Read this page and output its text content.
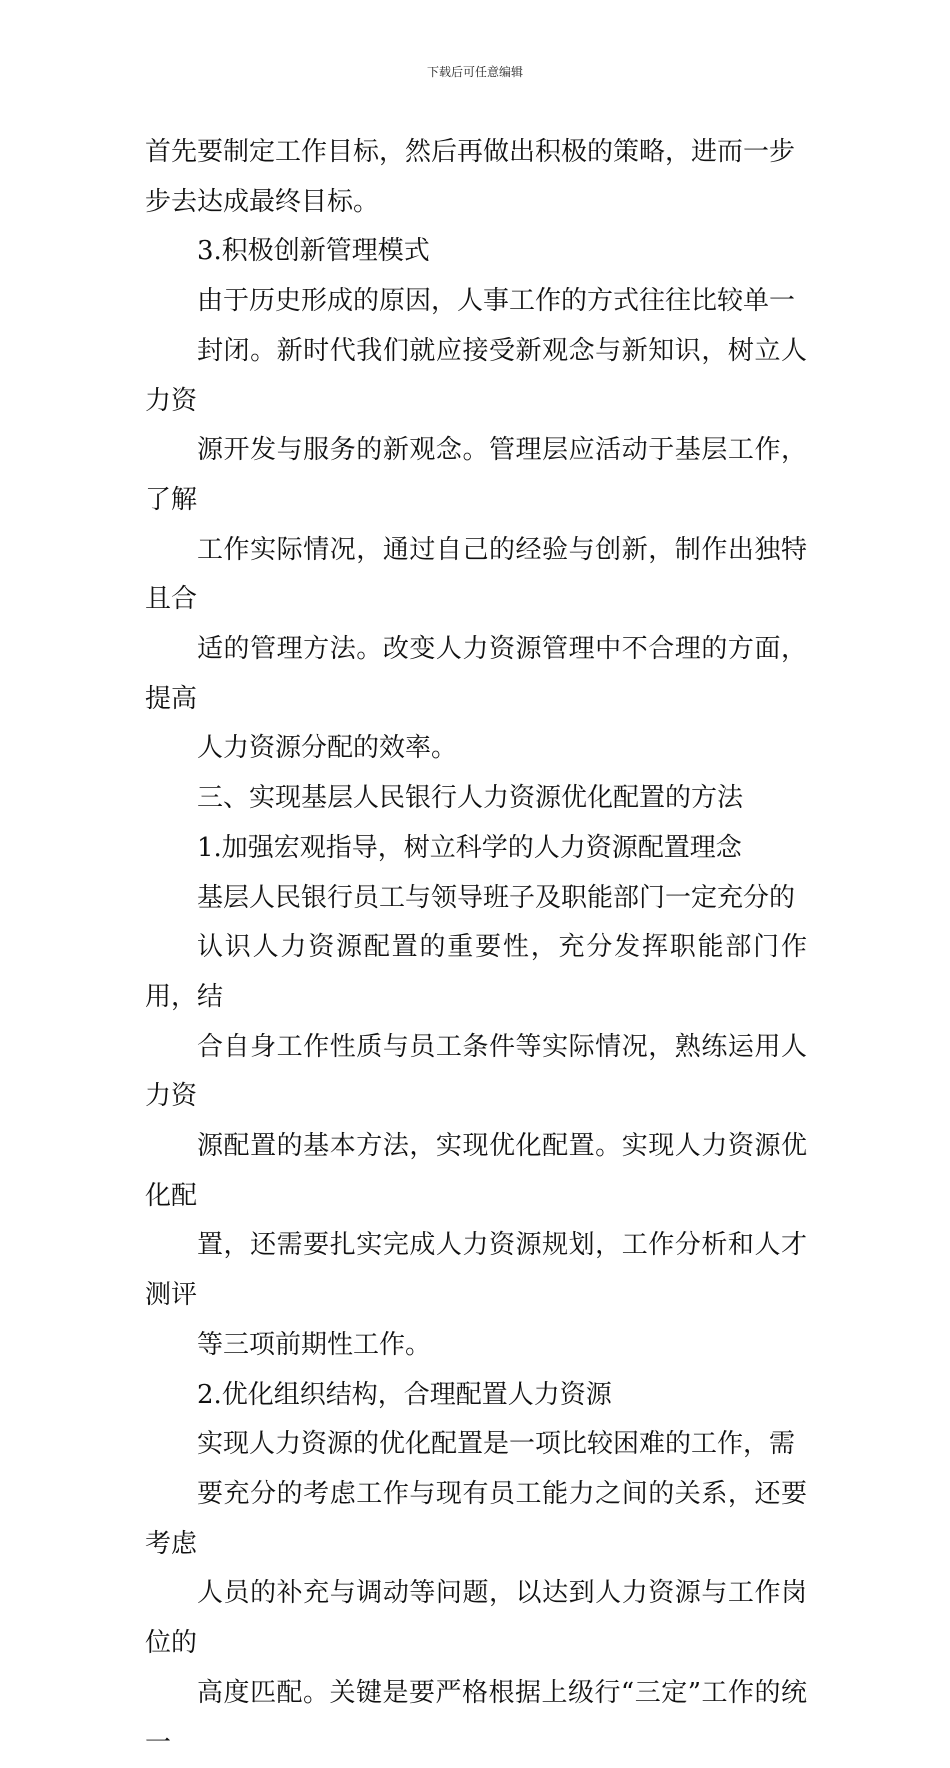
下载后可任意编辑

首先要制定工作目标，然后再做出积极的策略，进而一步
步去达成最终目标。

3.积极创新管理模式

由于历史形成的原因，人事工作的方式往往比较单一
封闭。新时代我们就应接受新观念与新知识，树立人力资
源开发与服务的新观念。管理层应活动于基层工作，了解
工作实际情况，通过自己的经验与创新，制作出独特且合
适的管理方法。改变人力资源管理中不合理的方面，提高
人力资源分配的效率。

三、实现基层人民银行人力资源优化配置的方法

1.加强宏观指导，树立科学的人力资源配置理念

基层人民银行员工与领导班子及职能部门一定充分的
认识人力资源配置的重要性，充分发挥职能部门作用，结
合自身工作性质与员工条件等实际情况，熟练运用人力资
源配置的基本方法，实现优化配置。实现人力资源优化配
置，还需要扎实完成人力资源规划，工作分析和人才测评
等三项前期性工作。

2.优化组织结构，合理配置人力资源

实现人力资源的优化配置是一项比较困难的工作，需
要充分的考虑工作与现有员工能力之间的关系，还要考虑
人员的补充与调动等问题，以达到人力资源与工作岗位的
高度匹配。关键是要严格根据上级行“三定”工作的统一
